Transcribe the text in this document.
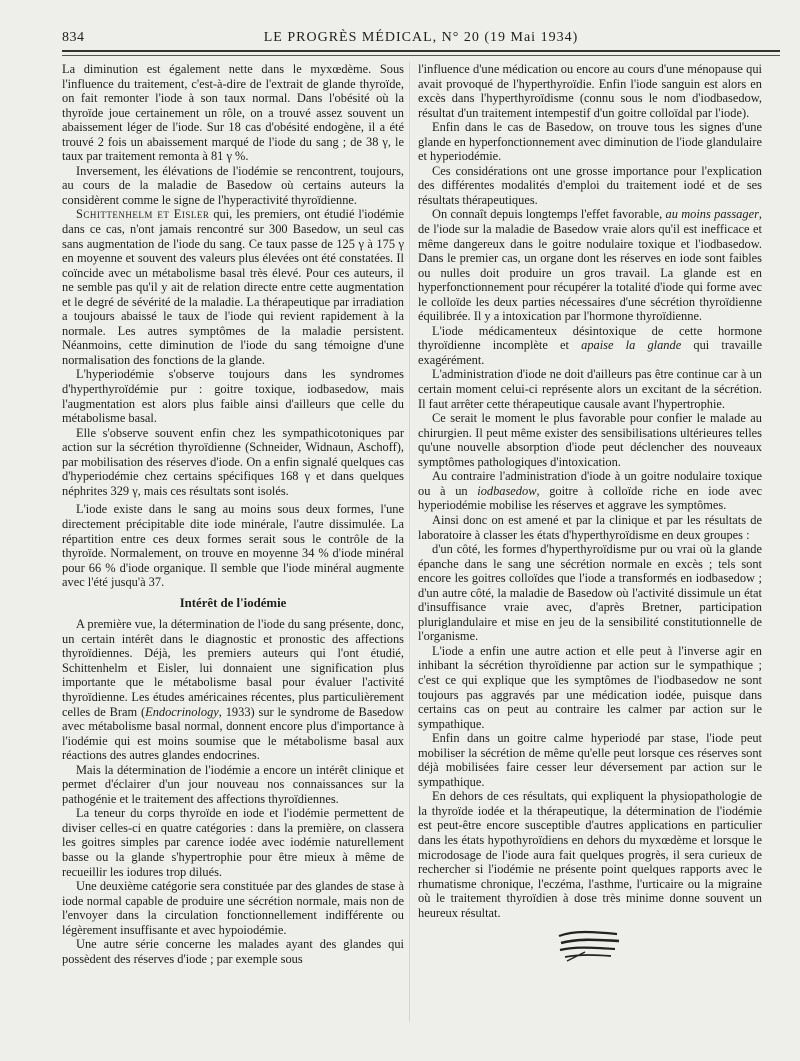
834	LE PROGRÈS MÉDICAL, N° 20 (19 Mai 1934)

La diminution est également nette dans le myxœdème. Sous l'influence du traitement, c'est-à-dire de l'extrait de glande thyroïde, on fait remonter l'iode à son taux normal. Dans l'obésité où la thyroïde joue certainement un rôle, on a trouvé assez souvent un abaissement léger de l'iode. Sur 18 cas d'obésité endogène, il a été trouvé 2 fois un abaissement marqué de l'iode du sang ; de 38 γ, le taux par traitement remonta à 81 γ %.

Inversement, les élévations de l'iodémie se rencontrent, toujours, au cours de la maladie de Basedow où certains auteurs la considèrent comme le signe de l'hyperactivité thyroïdienne.

Schittenhelm et Eisler qui, les premiers, ont étudié l'iodémie dans ce cas, n'ont jamais rencontré sur 300 Basedow, un seul cas sans augmentation de l'iode du sang. Ce taux passe de 125 γ à 175 γ en moyenne et souvent des valeurs plus élevées ont été constatées. Il coïncide avec un métabolisme basal très élevé. Pour ces auteurs, il ne semble pas qu'il y ait de relation directe entre cette augmentation et le degré de sévérité de la maladie. La thérapeutique par irradiation a toujours abaissé le taux de l'iode qui revient rapidement à la normale. Les autres symptômes de la maladie persistent. Néanmoins, cette diminution de l'iode du sang témoigne d'une normalisation des fonctions de la glande.

L'hyperiodémie s'observe toujours dans les syndromes d'hyperthyroïdémie pur : goitre toxique, iodbasedow, mais l'augmentation est alors plus faible ainsi d'ailleurs que celle du métabolisme basal.

Elle s'observe souvent enfin chez les sympathicotoniques par action sur la sécrétion thyroïdienne (Schneider, Widnaun, Aschoff), par mobilisation des réserves d'iode. On a enfin signalé quelques cas d'hyperiodémie chez certains spécifiques 168 γ et dans quelques néphrites 329 γ, mais ces résultats sont isolés.

L'iode existe dans le sang au moins sous deux formes, l'une directement précipitable dite iode minérale, l'autre dissimulée. La répartition entre ces deux formes serait sous le contrôle de la thyroïde. Normalement, on trouve en moyenne 34 % d'iode minéral pour 66 % d'iode organique. Il semble que l'iode minéral augmente avec l'été jusqu'à 37.

Intérêt de l'iodémie

A première vue, la détermination de l'iode du sang présente, donc, un certain intérêt dans le diagnostic et pronostic des affections thyroïdiennes. Déjà, les premiers auteurs qui l'ont étudié, Schittenhelm et Eisler, lui donnaient une signification plus importante que le métabolisme basal pour évaluer l'activité thyroïdienne. Les études américaines récentes, plus particulièrement celles de Bram (Endocrinology, 1933) sur le syndrome de Basedow avec métabolisme basal normal, donnent encore plus d'importance à l'iodémie qui est moins soumise que le métabolisme basal aux réactions des autres glandes endocrines.

Mais la détermination de l'iodémie a encore un intérêt clinique et permet d'éclairer d'un jour nouveau nos connaissances sur la pathogénie et le traitement des affections thyroïdiennes.

La teneur du corps thyroïde en iode et l'iodémie permettent de diviser celles-ci en quatre catégories : dans la première, on classera les goitres simples par carence iodée avec iodémie naturellement basse ou la glande s'hypertrophie pour être mieux à même de recueillir les iodures trop dilués.

Une deuxième catégorie sera constituée par des glandes de stase à iode normal capable de produire une sécrétion normale, mais non de l'envoyer dans la circulation fonctionnellement indifférente ou légèrement insuffisante et avec hypoiodémie.

Une autre série concerne les malades ayant des glandes qui possèdent des réserves d'iode ; par exemple sous

l'influence d'une médication ou encore au cours d'une ménopause qui avait provoqué de l'hyperthyroïdie. Enfin l'iode sanguin est alors en excès dans l'hyperthyroïdisme (connu sous le nom d'iodbasedow, résultat d'un traitement intempestif d'un goitre colloïdal par l'iode).

Enfin dans le cas de Basedow, on trouve tous les signes d'une glande en hyperfonctionnement avec diminution de l'iode glandulaire et hyperiodémie.

Ces considérations ont une grosse importance pour l'explication des différentes modalités d'emploi du traitement iodé et de ses résultats thérapeutiques.

On connaît depuis longtemps l'effet favorable, au moins passager, de l'iode sur la maladie de Basedow vraie alors qu'il est inefficace et même dangereux dans le goitre nodulaire toxique et l'iodbasedow. Dans le premier cas, un organe dont les réserves en iode sont faibles ou nulles doit produire un gros travail. La glande est en hyperfonctionnement pour récupérer la totalité d'iode qui forme avec le colloïde les deux parties nécessaires d'une sécrétion thyroïdienne équilibrée. Il y a intoxication par l'hormone thyroïdienne.

L'iode médicamenteux désintoxique de cette hormone thyroïdienne incomplète et apaise la glande qui travaille exagérément.

L'administration d'iode ne doit d'ailleurs pas être continue car à un certain moment celui-ci représente alors un excitant de la sécrétion. Il faut arrêter cette thérapeutique causale avant l'hypertrophie.

Ce serait le moment le plus favorable pour confier le malade au chirurgien. Il peut même exister des sensibilisations ultérieures telles qu'une nouvelle absorption d'iode peut déclencher des nouveaux symptômes pathologiques d'intoxication.

Au contraire l'administration d'iode à un goitre nodulaire toxique ou à un iodbasedow, goitre à colloïde riche en iode avec hyperiodémie mobilise les réserves et aggrave les symptômes.

Ainsi donc on est amené et par la clinique et par les résultats de laboratoire à classer les états d'hyperthyroïdisme en deux groupes :

d'un côté, les formes d'hyperthyroïdisme pur ou vrai où la glande épanche dans le sang une sécrétion normale en excès ; tels sont encore les goitres colloïdes que l'iode a transformés en iodbasedow ; d'un autre côté, la maladie de Basedow où l'activité dissimule un état d'insuffisance vraie avec, d'après Bretner, participation pluriglandulaire et mise en jeu de la sensibilité constitutionnelle de l'organisme.

L'iode a enfin une autre action et elle peut à l'inverse agir en inhibant la sécrétion thyroïdienne par action sur le sympathique ; c'est ce qui explique que les symptômes de l'iodbasedow ne sont toujours pas aggravés par une médication iodée, puisque dans certains cas on peut au contraire les calmer par action sur le sympathique.

Enfin dans un goitre calme hyperiodé par stase, l'iode peut mobiliser la sécrétion de même qu'elle peut lorsque ces réserves sont déjà mobilisées faire cesser leur déversement par action sur le sympathique.

En dehors de ces résultats, qui expliquent la physiopathologie de la thyroïde iodée et la thérapeutique, la détermination de l'iodémie est peut-être encore susceptible d'autres applications en particulier dans les états hypothyroïdiens en dehors du myxœdème et lorsque le microdosage de l'iode aura fait quelques progrès, il sera curieux de rechercher si l'iodémie ne présente point quelques rapports avec le rhumatisme chronique, l'eczéma, l'asthme, l'urticaire ou la migraine où le traitement thyroïdien à dose très minime donne souvent un heureux résultat.
